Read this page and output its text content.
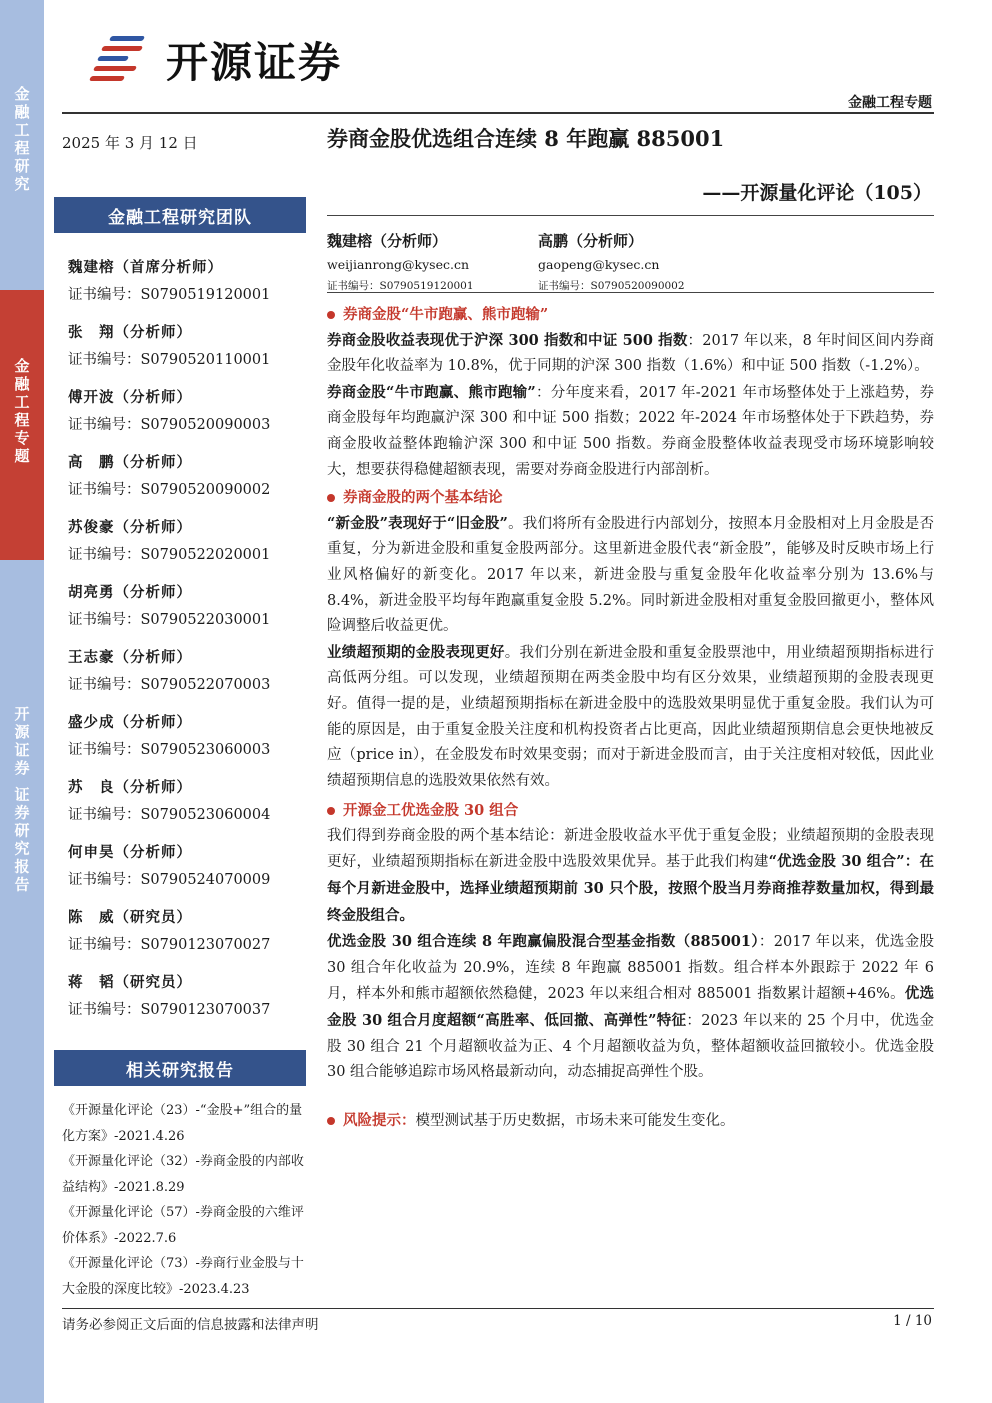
金融工程研究
金融工程专题
开源证券 证券研究报告
开源证券
金融工程专题
2025 年 3 月 12 日	券商金股优选组合连续 8 年跑赢 885001
——开源量化评论（105）
金融工程研究团队
魏建榕（首席分析师）
证书编号：S0790519120001
张　翔（分析师）
证书编号：S0790520110001
傅开波（分析师）
证书编号：S0790520090003
高　鹏（分析师）
证书编号：S0790520090002
苏俊豪（分析师）
证书编号：S0790522020001
胡亮勇（分析师）
证书编号：S0790522030001
王志豪（分析师）
证书编号：S0790522070003
盛少成（分析师）
证书编号：S0790523060003
苏　良（分析师）
证书编号：S0790523060004
何申昊（分析师）
证书编号：S0790524070009
陈　威（研究员）
证书编号：S0790123070027
蒋　韬（研究员）
证书编号：S0790123070037
魏建榕（分析师）
weijianrong@kysec.cn
证书编号：S0790519120001
高鹏（分析师）
gaopeng@kysec.cn
证书编号：S0790520090002
券商金股“牛市跑赢、熊市跑输”

券商金股收益表现优于沪深 300 指数和中证 500 指数：2017 年以来，8 年时间区间内券商金股年化收益率为 10.8%，优于同期的沪深 300 指数（1.6%）和中证 500 指数（-1.2%）。

券商金股“牛市跑赢、熊市跑输”：分年度来看，2017 年-2021 年市场整体处于上涨趋势，券商金股每年均跑赢沪深 300 和中证 500 指数；2022 年-2024 年市场整体处于下跌趋势，券商金股收益整体跑输沪深 300 和中证 500 指数。券商金股整体收益表现受市场环境影响较大，想要获得稳健超额表现，需要对券商金股进行内部剖析。

券商金股的两个基本结论

“新金股”表现好于“旧金股”。我们将所有金股进行内部划分，按照本月金股相对上月金股是否重复，分为新进金股和重复金股两部分。这里新进金股代表“新金股”，能够及时反映市场上行业风格偏好的新变化。2017 年以来，新进金股与重复金股年化收益率分别为 13.6%与 8.4%，新进金股平均每年跑赢重复金股 5.2%。同时新进金股相对重复金股回撤更小，整体风险调整后收益更优。

业绩超预期的金股表现更好。我们分别在新进金股和重复金股票池中，用业绩超预期指标进行高低两分组。可以发现，业绩超预期在两类金股中均有区分效果，业绩超预期的金股表现更好。值得一提的是，业绩超预期指标在新进金股中的选股效果明显优于重复金股。我们认为可能的原因是，由于重复金股关注度和机构投资者占比更高，因此业绩超预期信息会更快地被反应（price in），在金股发布时效果变弱；而对于新进金股而言，由于关注度相对较低，因此业绩超预期信息的选股效果依然有效。

开源金工优选金股 30 组合

我们得到券商金股的两个基本结论：新进金股收益水平优于重复金股；业绩超预期的金股表现更好，业绩超预期指标在新进金股中选股效果优异。基于此我们构建“优选金股 30 组合”：在每个月新进金股中，选择业绩超预期前 30 只个股，按照个股当月券商推荐数量加权，得到最终金股组合。

优选金股 30 组合连续 8 年跑赢偏股混合型基金指数（885001）：2017 年以来，优选金股 30 组合年化收益为 20.9%，连续 8 年跑赢 885001 指数。组合样本外跟踪于 2022 年 6 月，样本外和熊市超额依然稳健，2023 年以来组合相对 885001 指数累计超额+46%。优选金股 30 组合月度超额“高胜率、低回撤、高弹性”特征：2023 年以来的 25 个月中，优选金股 30 组合 21 个月超额收益为正、4 个月超额收益为负，整体超额收益回撤较小。优选金股 30 组合能够追踪市场风格最新动向，动态捕捉高弹性个股。

风险提示：模型测试基于历史数据，市场未来可能发生变化。

相关研究报告
《开源量化评论（23）-“金股+”组合的量化方案》-2021.4.26
《开源量化评论（32）-券商金股的内部收益结构》-2021.8.29
《开源量化评论（57）-券商金股的六维评价体系》-2022.7.6
《开源量化评论（73）-券商行业金股与十大金股的深度比较》-2023.4.23
请务必参阅正文后面的信息披露和法律声明	1 / 10
